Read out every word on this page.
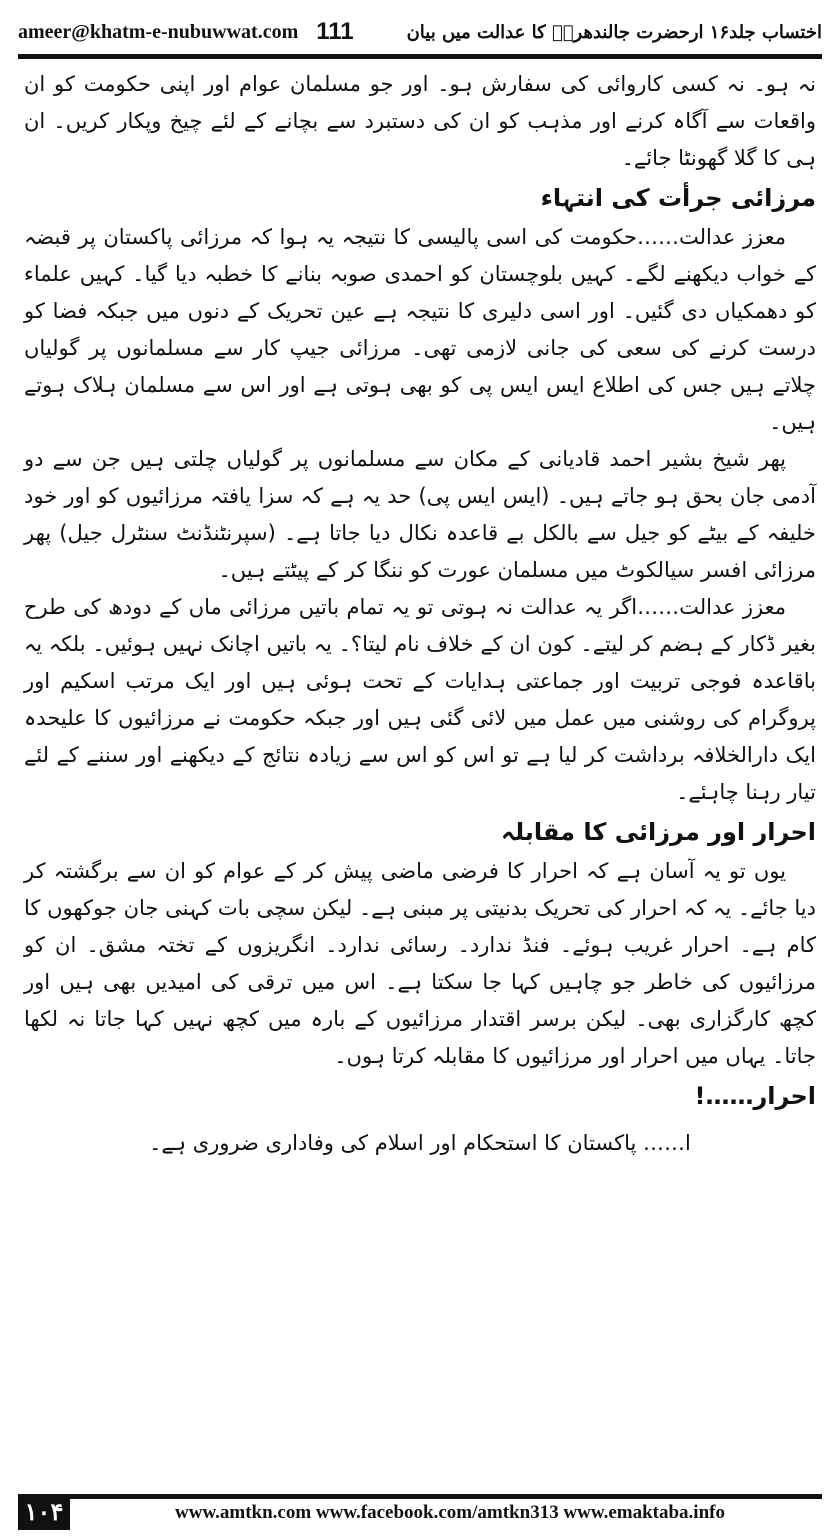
ameer@khatm-e-nubuwwat.com 111	اختساب جلد۱۶ ارحضرت جالندھریؒ کا عدالت میں بیان

نہ ہو۔ نہ کسی کاروائی کی سفارش ہو۔ اور جو مسلمان عوام اور اپنی حکومت کو ان واقعات سے آگاہ کرنے اور مذہب کو ان کی دستبرد سے بچانے کے لئے چیخ وپکار کریں۔ ان ہی کا گلا گھونٹا جائے۔

مرزائی جرأت کی انتہاء

معزز عدالت……حکومت کی اسی پالیسی کا نتیجہ یہ ہوا کہ مرزائی پاکستان پر قبضہ کے خواب دیکھنے لگے۔ کہیں بلوچستان کو احمدی صوبہ بنانے کا خطبہ دیا گیا۔ کہیں علماء کو دھمکیاں دی گئیں۔ اور اسی دلیری کا نتیجہ ہے عین تحریک کے دنوں میں جبکہ فضا کو درست کرنے کی سعی کی جانی لازمی تھی۔ مرزائی جیپ کار سے مسلمانوں پر گولیاں چلاتے ہیں جس کی اطلاع ایس ایس پی کو بھی ہوتی ہے اور اس سے مسلمان ہلاک ہوتے ہیں۔

پھر شیخ بشیر احمد قادیانی کے مکان سے مسلمانوں پر گولیاں چلتی ہیں جن سے دو آدمی جان بحق ہو جاتے ہیں۔ (ایس ایس پی) حد یہ ہے کہ سزا یافتہ مرزائیوں کو اور خود خلیفہ کے بیٹے کو جیل سے بالکل بے قاعدہ نکال دیا جاتا ہے۔ (سپرنٹنڈنٹ سنٹرل جیل) پھر مرزائی افسر سیالکوٹ میں مسلمان عورت کو ننگا کر کے پیٹتے ہیں۔

معزز عدالت……اگر یہ عدالت نہ ہوتی تو یہ تمام باتیں مرزائی ماں کے دودھ کی طرح بغیر ڈکار کے ہضم کر لیتے۔ کون ان کے خلاف نام لیتا؟۔ یہ باتیں اچانک نہیں ہوئیں۔ بلکہ یہ باقاعدہ فوجی تربیت اور جماعتی ہدایات کے تحت ہوئی ہیں اور ایک مرتب اسکیم اور پروگرام کی روشنی میں عمل میں لائی گئی ہیں اور جبکہ حکومت نے مرزائیوں کا علیحدہ ایک دارالخلافہ برداشت کر لیا ہے تو اس کو اس سے زیادہ نتائج کے دیکھنے اور سننے کے لئے تیار رہنا چاہئے۔

احرار اور مرزائی کا مقابلہ

یوں تو یہ آسان ہے کہ احرار کا فرضی ماضی پیش کر کے عوام کو ان سے برگشتہ کر دیا جائے۔ یہ کہ احرار کی تحریک بدنیتی پر مبنی ہے۔ لیکن سچی بات کہنی جان جوکھوں کا کام ہے۔ احرار غریب ہوئے۔ فنڈ ندارد۔ رسائی ندارد۔ انگریزوں کے تختہ مشق۔ ان کو مرزائیوں کی خاطر جو چاہیں کہا جا سکتا ہے۔ اس میں ترقی کی امیدیں بھی ہیں اور کچھ کارگزاری بھی۔ لیکن برسر اقتدار مرزائیوں کے بارہ میں کچھ نہیں کہا جاتا نہ لکھا جاتا۔ یہاں میں احرار اور مرزائیوں کا مقابلہ کرتا ہوں۔

احرار……!

ا…… پاکستان کا استحکام اور اسلام کی وفاداری ضروری ہے۔

۱۰۴	www.amtkn.com www.facebook.com/amtkn313 www.emaktaba.info
